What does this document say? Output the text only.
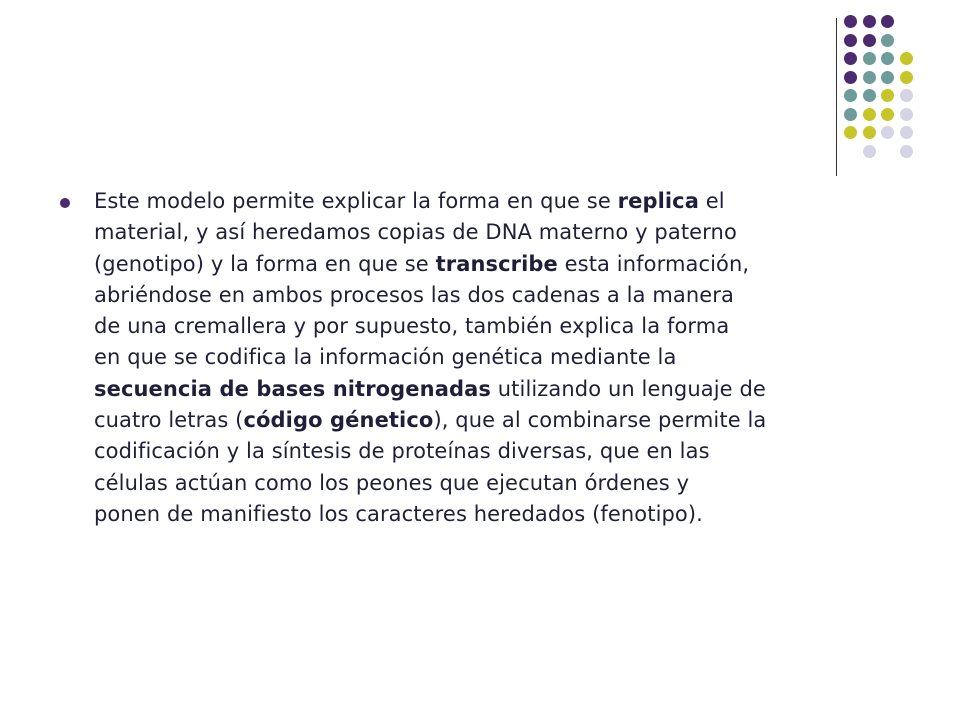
Este modelo permite explicar la forma en que se replica el
material, y así heredamos copias de DNA materno y paterno
(genotipo) y la forma en que se transcribe esta información,
abriéndose en ambos procesos las dos cadenas a la manera
de una cremallera y por supuesto, también explica la forma
en que se codifica la información genética mediante la
secuencia de bases nitrogenadas utilizando un lenguaje de
cuatro letras (código génetico), que al combinarse permite la
codificación y la síntesis de proteínas diversas, que en las
células actúan como los peones que ejecutan órdenes y
ponen de manifiesto los caracteres heredados (fenotipo).
